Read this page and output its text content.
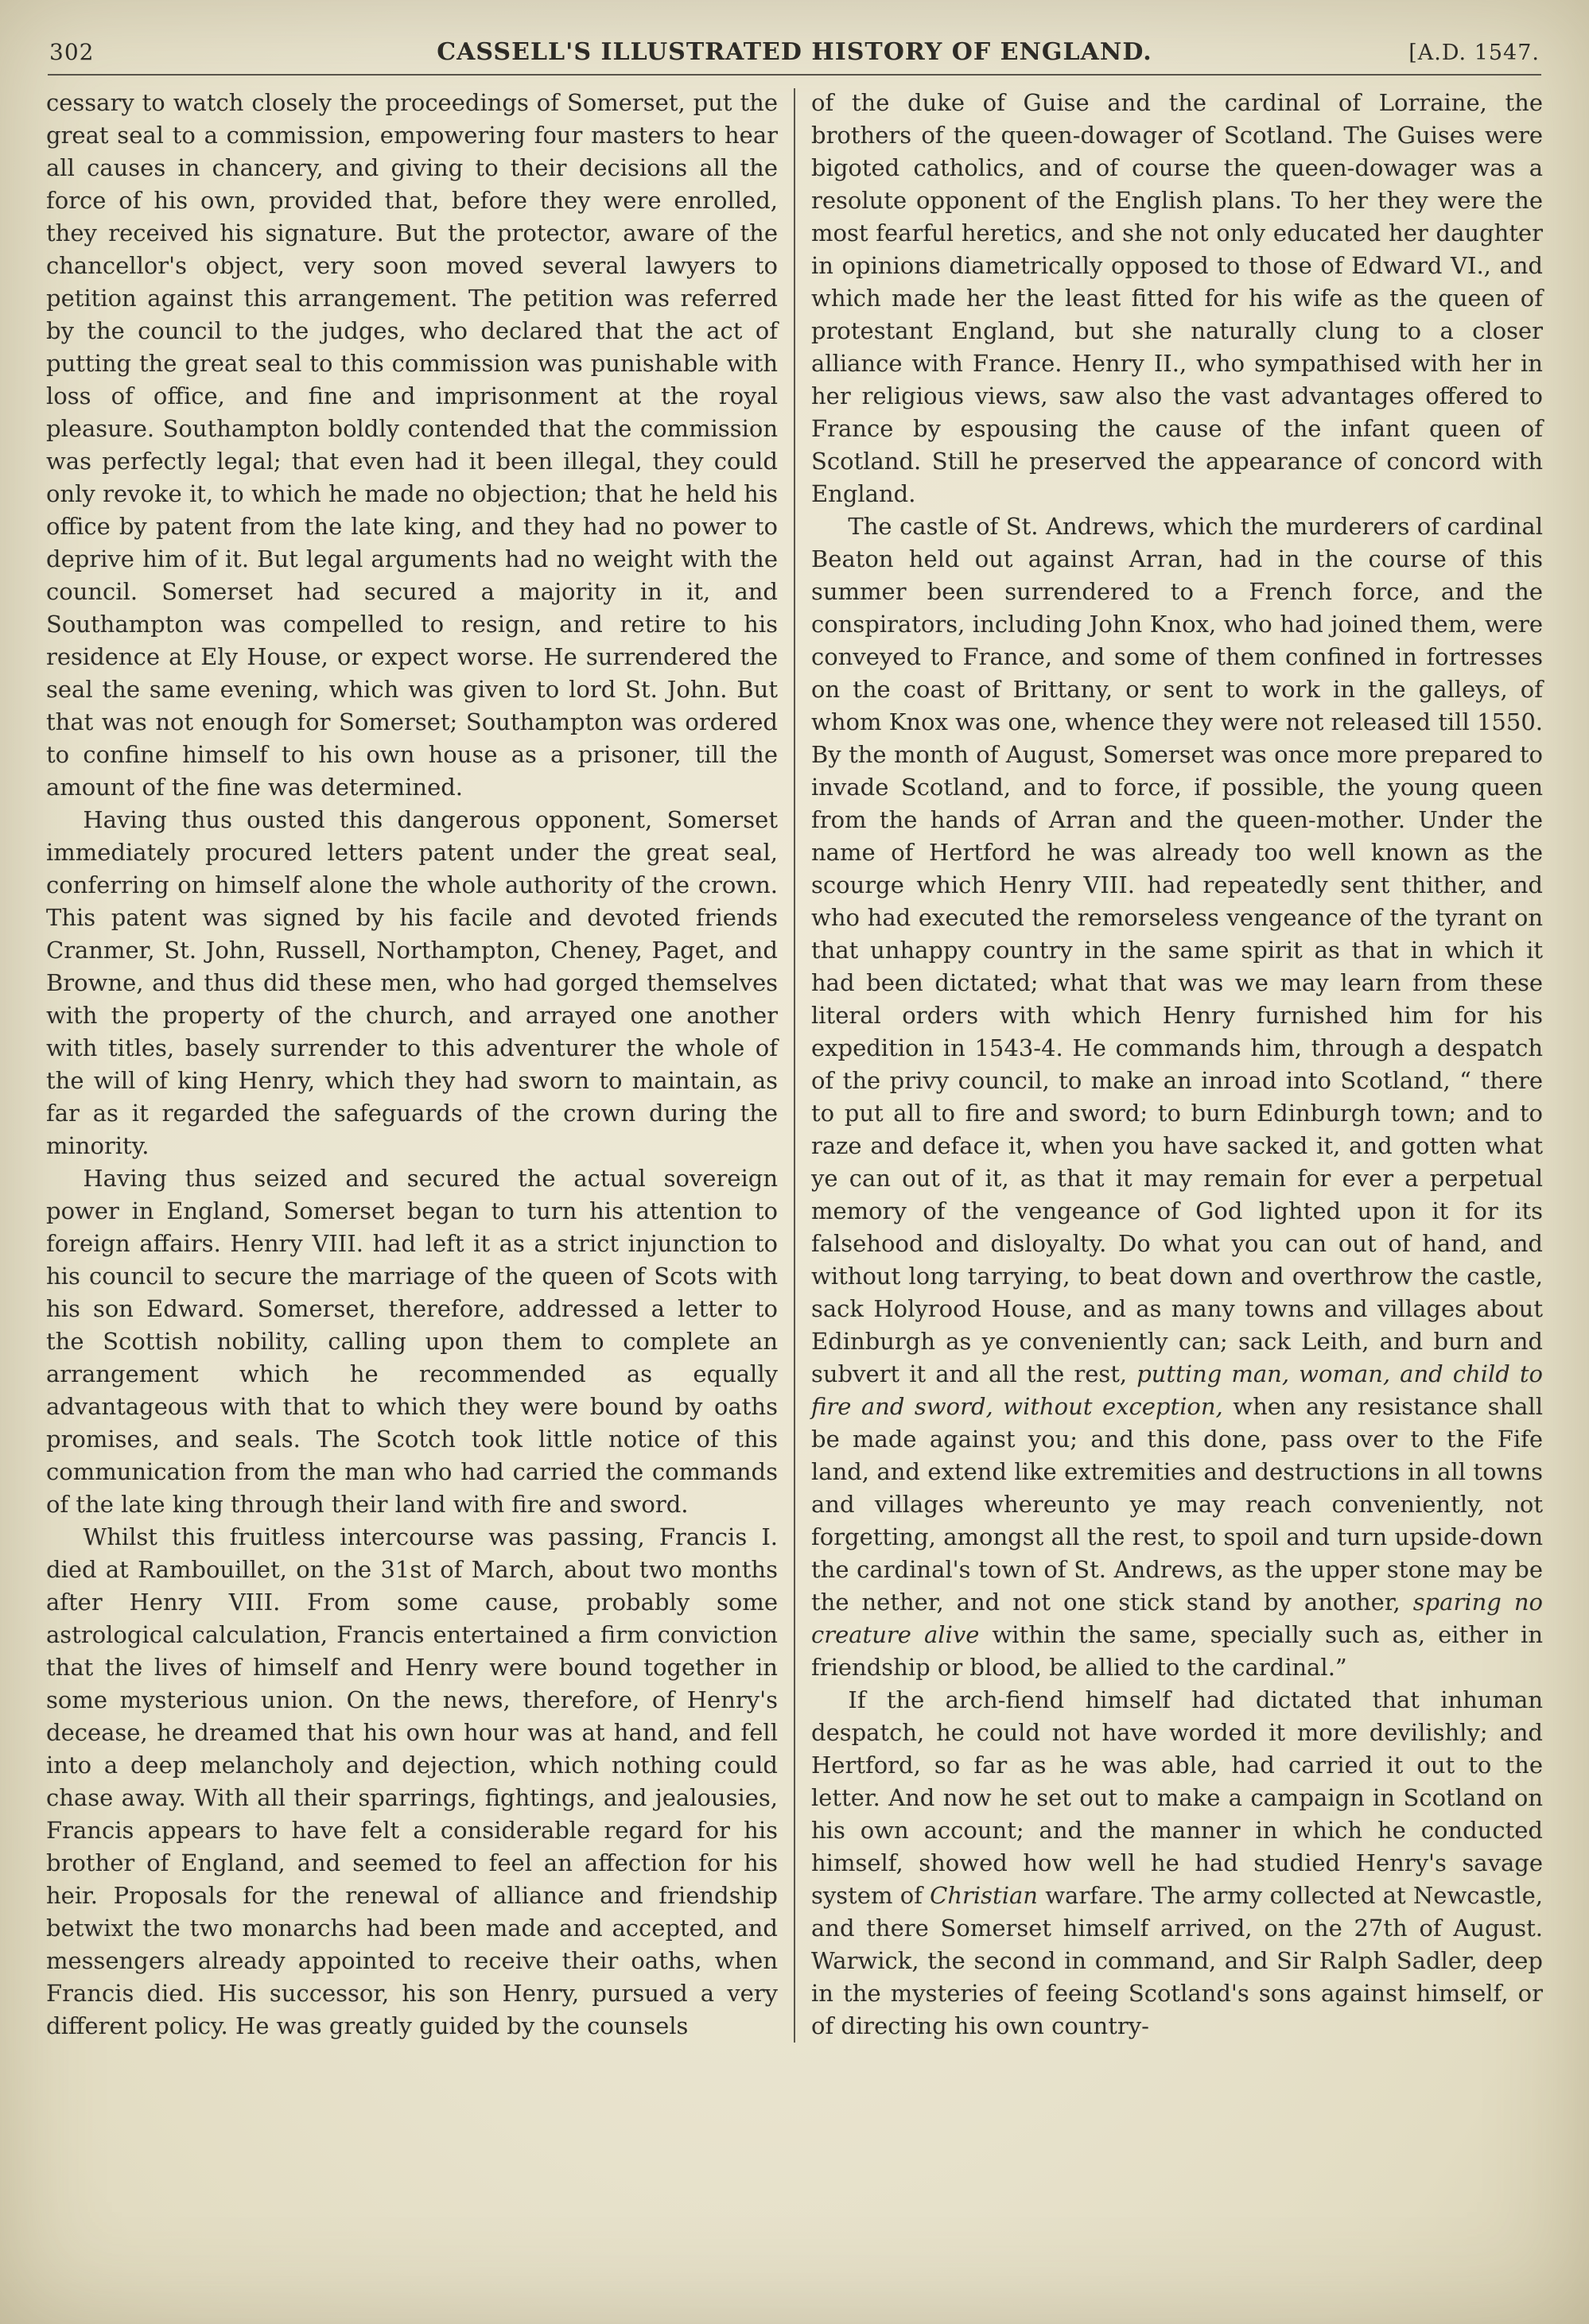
302	CASSELL'S ILLUSTRATED HISTORY OF ENGLAND.	[A.D. 1547.

cessary to watch closely the proceedings of Somerset, put the great seal to a commission, empowering four masters to hear all causes in chancery, and giving to their decisions all the force of his own, provided that, before they were enrolled, they received his signature. But the protector, aware of the chancellor's object, very soon moved several lawyers to petition against this arrangement. The petition was referred by the council to the judges, who declared that the act of putting the great seal to this commission was punishable with loss of office, and fine and imprisonment at the royal pleasure. Southampton boldly contended that the commission was perfectly legal; that even had it been illegal, they could only revoke it, to which he made no objection; that he held his office by patent from the late king, and they had no power to deprive him of it. But legal arguments had no weight with the council. Somerset had secured a majority in it, and Southampton was compelled to resign, and retire to his residence at Ely House, or expect worse. He surrendered the seal the same evening, which was given to lord St. John. But that was not enough for Somerset; Southampton was ordered to confine himself to his own house as a prisoner, till the amount of the fine was determined.

Having thus ousted this dangerous opponent, Somerset immediately procured letters patent under the great seal, conferring on himself alone the whole authority of the crown. This patent was signed by his facile and devoted friends Cranmer, St. John, Russell, Northampton, Cheney, Paget, and Browne, and thus did these men, who had gorged themselves with the property of the church, and arrayed one another with titles, basely surrender to this adventurer the whole of the will of king Henry, which they had sworn to maintain, as far as it regarded the safeguards of the crown during the minority.

Having thus seized and secured the actual sovereign power in England, Somerset began to turn his attention to foreign affairs. Henry VIII. had left it as a strict injunction to his council to secure the marriage of the queen of Scots with his son Edward. Somerset, therefore, addressed a letter to the Scottish nobility, calling upon them to complete an arrangement which he recommended as equally advantageous with that to which they were bound by oaths promises, and seals. The Scotch took little notice of this communication from the man who had carried the commands of the late king through their land with fire and sword.

Whilst this fruitless intercourse was passing, Francis I. died at Rambouillet, on the 31st of March, about two months after Henry VIII. From some cause, probably some astrological calculation, Francis entertained a firm conviction that the lives of himself and Henry were bound together in some mysterious union. On the news, therefore, of Henry's decease, he dreamed that his own hour was at hand, and fell into a deep melancholy and dejection, which nothing could chase away. With all their sparrings, fightings, and jealousies, Francis appears to have felt a considerable regard for his brother of England, and seemed to feel an affection for his heir. Proposals for the renewal of alliance and friendship betwixt the two monarchs had been made and accepted, and messengers already appointed to receive their oaths, when Francis died. His successor, his son Henry, pursued a very different policy. He was greatly guided by the counsels

of the duke of Guise and the cardinal of Lorraine, the brothers of the queen-dowager of Scotland. The Guises were bigoted catholics, and of course the queen-dowager was a resolute opponent of the English plans. To her they were the most fearful heretics, and she not only educated her daughter in opinions diametrically opposed to those of Edward VI., and which made her the least fitted for his wife as the queen of protestant England, but she naturally clung to a closer alliance with France. Henry II., who sympathised with her in her religious views, saw also the vast advantages offered to France by espousing the cause of the infant queen of Scotland. Still he preserved the appearance of concord with England.

The castle of St. Andrews, which the murderers of cardinal Beaton held out against Arran, had in the course of this summer been surrendered to a French force, and the conspirators, including John Knox, who had joined them, were conveyed to France, and some of them confined in fortresses on the coast of Brittany, or sent to work in the galleys, of whom Knox was one, whence they were not released till 1550. By the month of August, Somerset was once more prepared to invade Scotland, and to force, if possible, the young queen from the hands of Arran and the queen-mother. Under the name of Hertford he was already too well known as the scourge which Henry VIII. had repeatedly sent thither, and who had executed the remorseless vengeance of the tyrant on that unhappy country in the same spirit as that in which it had been dictated; what that was we may learn from these literal orders with which Henry furnished him for his expedition in 1543-4. He commands him, through a despatch of the privy council, to make an inroad into Scotland, “ there to put all to fire and sword; to burn Edinburgh town; and to raze and deface it, when you have sacked it, and gotten what ye can out of it, as that it may remain for ever a perpetual memory of the vengeance of God lighted upon it for its falsehood and disloyalty. Do what you can out of hand, and without long tarrying, to beat down and overthrow the castle, sack Holyrood House, and as many towns and villages about Edinburgh as ye conveniently can; sack Leith, and burn and subvert it and all the rest, putting man, woman, and child to fire and sword, without exception, when any resistance shall be made against you; and this done, pass over to the Fife land, and extend like extremities and destructions in all towns and villages whereunto ye may reach conveniently, not forgetting, amongst all the rest, to spoil and turn upside-down the cardinal's town of St. Andrews, as the upper stone may be the nether, and not one stick stand by another, sparing no creature alive within the same, specially such as, either in friendship or blood, be allied to the cardinal.”

If the arch-fiend himself had dictated that inhuman despatch, he could not have worded it more devilishly; and Hertford, so far as he was able, had carried it out to the letter. And now he set out to make a campaign in Scotland on his own account; and the manner in which he conducted himself, showed how well he had studied Henry's savage system of Christian warfare. The army collected at Newcastle, and there Somerset himself arrived, on the 27th of August. Warwick, the second in command, and Sir Ralph Sadler, deep in the mysteries of feeing Scotland's sons against himself, or of directing his own country-
